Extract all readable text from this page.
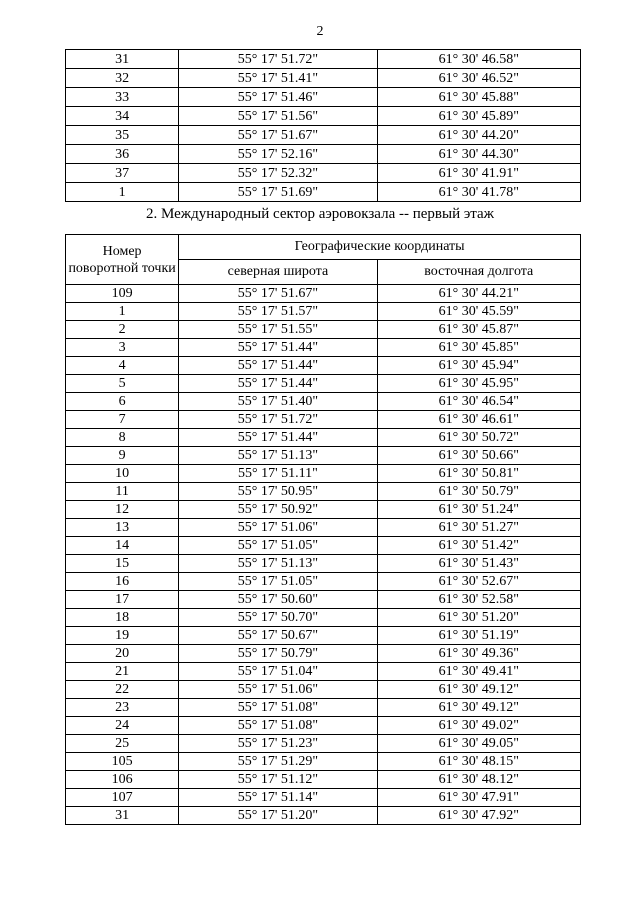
2
31	55° 17' 51.72"	61° 30' 46.58"
32	55° 17' 51.41"	61° 30' 46.52"
33	55° 17' 51.46"	61° 30' 45.88"
34	55° 17' 51.56"	61° 30' 45.89"
35	55° 17' 51.67"	61° 30' 44.20"
36	55° 17' 52.16"	61° 30' 44.30"
37	55° 17' 52.32"	61° 30' 41.91"
1	55° 17' 51.69"	61° 30' 41.78"
2. Международный сектор аэровокзала -- первый этаж
Номер поворотной точки	Географические координаты	
	северная широта	восточная долгота
109	55° 17' 51.67"	61° 30' 44.21"
1	55° 17' 51.57"	61° 30' 45.59"
2	55° 17' 51.55"	61° 30' 45.87"
3	55° 17' 51.44"	61° 30' 45.85"
4	55° 17' 51.44"	61° 30' 45.94"
5	55° 17' 51.44"	61° 30' 45.95"
6	55° 17' 51.40"	61° 30' 46.54"
7	55° 17' 51.72"	61° 30' 46.61"
8	55° 17' 51.44"	61° 30' 50.72"
9	55° 17' 51.13"	61° 30' 50.66"
10	55° 17' 51.11"	61° 30' 50.81"
11	55° 17' 50.95"	61° 30' 50.79"
12	55° 17' 50.92"	61° 30' 51.24"
13	55° 17' 51.06"	61° 30' 51.27"
14	55° 17' 51.05"	61° 30' 51.42"
15	55° 17' 51.13"	61° 30' 51.43"
16	55° 17' 51.05"	61° 30' 52.67"
17	55° 17' 50.60"	61° 30' 52.58"
18	55° 17' 50.70"	61° 30' 51.20"
19	55° 17' 50.67"	61° 30' 51.19"
20	55° 17' 50.79"	61° 30' 49.36"
21	55° 17' 51.04"	61° 30' 49.41"
22	55° 17' 51.06"	61° 30' 49.12"
23	55° 17' 51.08"	61° 30' 49.12"
24	55° 17' 51.08"	61° 30' 49.02"
25	55° 17' 51.23"	61° 30' 49.05"
105	55° 17' 51.29"	61° 30' 48.15"
106	55° 17' 51.12"	61° 30' 48.12"
107	55° 17' 51.14"	61° 30' 47.91"
31	55° 17' 51.20"	61° 30' 47.92"
